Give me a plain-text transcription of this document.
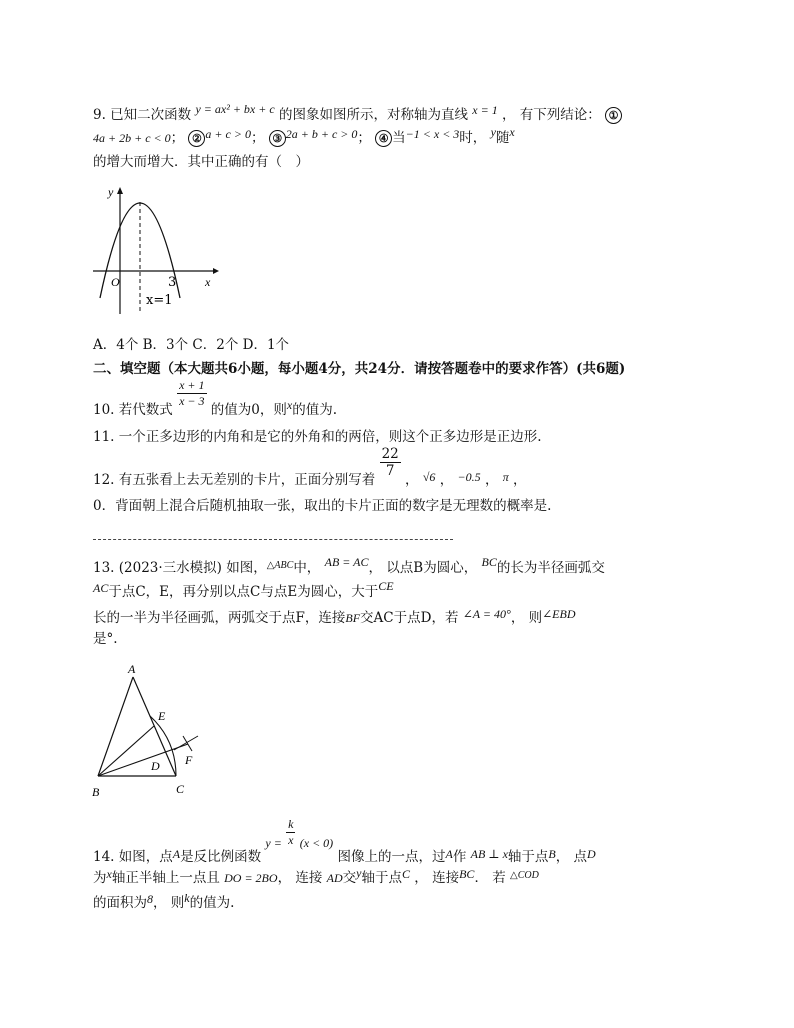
9. 已知二次函数 y = ax² + bx + c 的图象如图所示，对称轴为直线 x = 1 ， 有下列结论： ①
4a + 2b + c < 0； ② a + c > 0； ③ 2a + b + c > 0； ④ 当−1 < x < 3时， y随x
的增大而增大．其中正确的有（　）
y
x
O	3
x=1
A．4个 B．3个 C．2个 D．1个
二、填空题（本大题共6小题，每小题4分，共24分．请按答题卷中的要求作答）(共6题)
10. 若代数式
$\frac{x + 1}{x - 3}$
的值为0，则x的值为.
11. 一个正多边形的内角和是它的外角和的两倍，则这个正多边形是正边形.
12. 有五张看上去无差别的卡片，正面分别写着
$\frac{22}{7}$
， √6 ， −0.5 ， π ，
0．背面朝上混合后随机抽取一张，取出的卡片正面的数字是无理数的概率是.
13. (2023·三水模拟) 如图，$^{\triangle ABC}$中， AB = AC， 以点B为圆心， BC的长为半径画弧交
AC于点C，E，再分别以点C与点E为圆心，大于CE
长的一半为半径画弧，两弧交于点F，连接BF交AC于点D，若 ∠A = 40°， 则∠EBD
是°.
A
E
F
D
B	C
14. 如图，点A是反比例函数 $y = \frac{k}{x} (x < 0)$ 图像上的一点，过A作 AB ⊥ x轴于点B， 点D
为x轴正半轴上一点且 DO = 2BO， 连接 AD交y轴于点C ， 连接BC． 若 $^{\triangle COD}$
的面积为8， 则k的值为.
